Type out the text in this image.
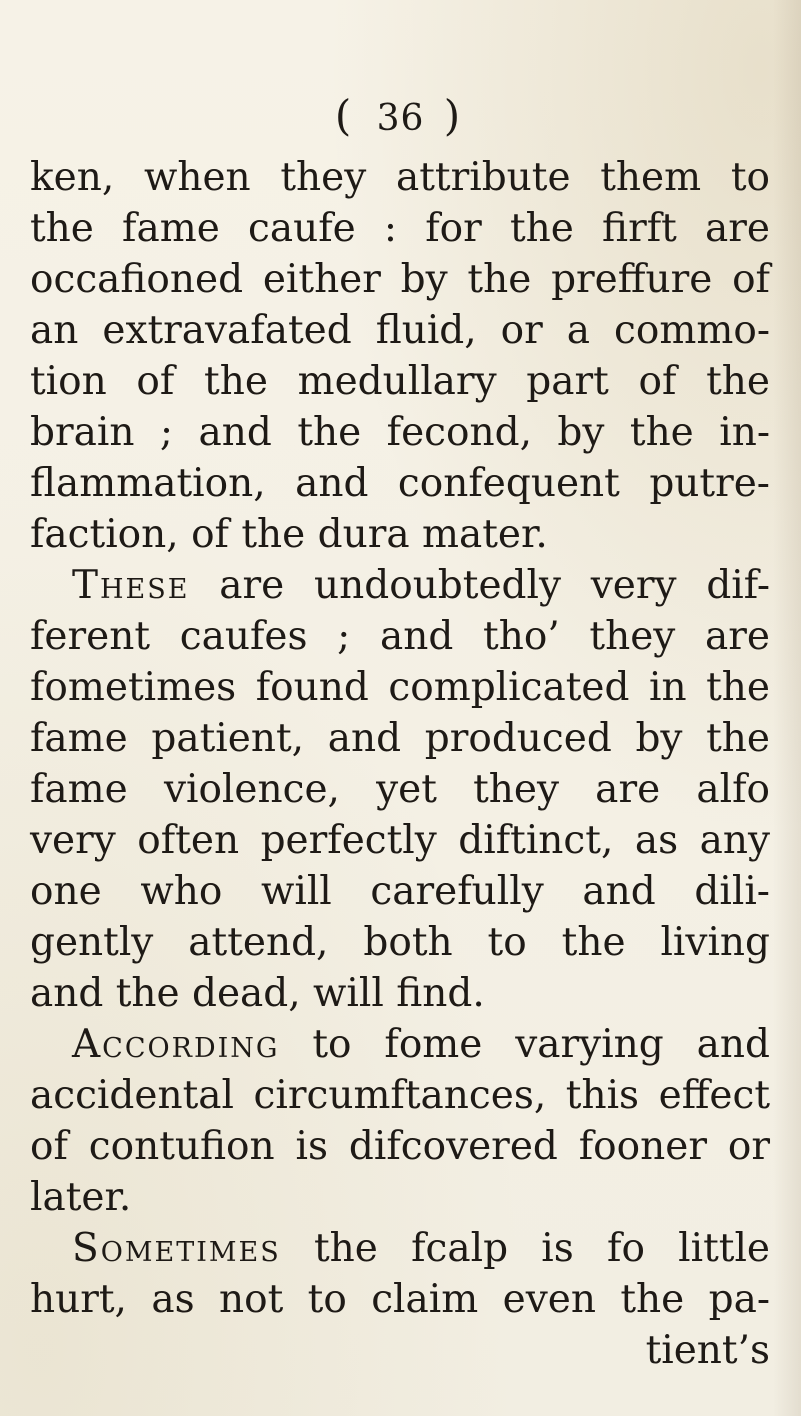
( 36 )
ken, when they attribute them to
the fame caufe : for the firft are
occafioned either by the preffure of
an extravafated fluid, or a commo-
tion of the medullary part of the
brain ; and the fecond, by the in-
flammation, and confequent putre-
faction, of the dura mater.
These are undoubtedly very dif-
ferent caufes ; and tho’ they are
fometimes found complicated in the
fame patient, and produced by the
fame violence, yet they are alfo
very often perfectly diftinct, as any
one who will carefully and dili-
gently attend, both to the living
and the dead, will find.
According to fome varying and
accidental circumftances, this effect
of contufion is difcovered fooner or
later.
Sometimes the fcalp is fo little
hurt, as not to claim even the pa-
tient’s
